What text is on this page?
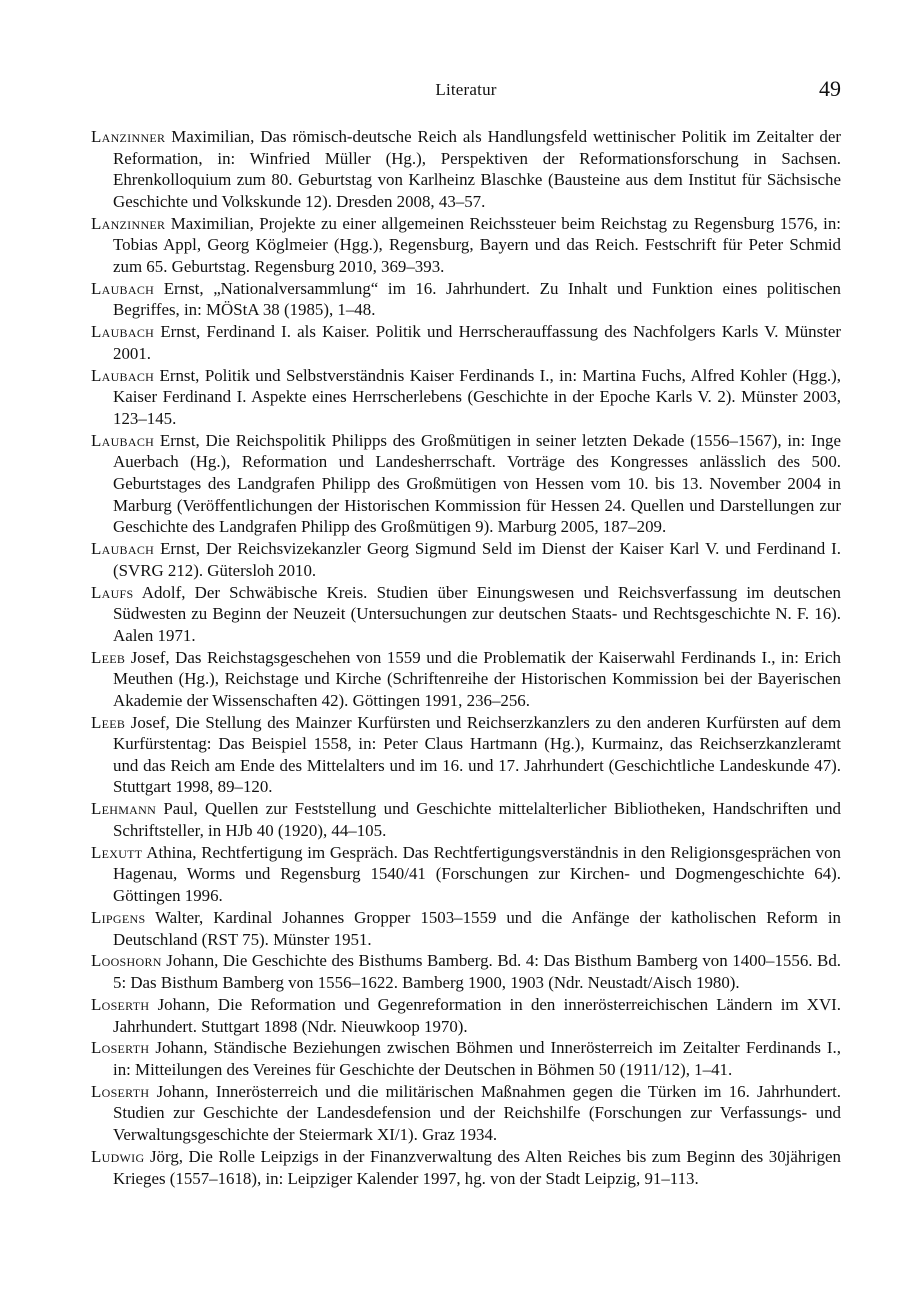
Literatur	49

Lanzinner Maximilian, Das römisch-deutsche Reich als Handlungsfeld wettinischer Politik im Zeitalter der Reformation, in: Winfried Müller (Hg.), Perspektiven der Reformationsforschung in Sachsen. Ehrenkolloquium zum 80. Geburtstag von Karlheinz Blaschke (Bausteine aus dem Institut für Sächsische Geschichte und Volkskunde 12). Dresden 2008, 43–57.

Lanzinner Maximilian, Projekte zu einer allgemeinen Reichssteuer beim Reichstag zu Regensburg 1576, in: Tobias Appl, Georg Köglmeier (Hgg.), Regensburg, Bayern und das Reich. Festschrift für Peter Schmid zum 65. Geburtstag. Regensburg 2010, 369–393.

Laubach Ernst, „Nationalversammlung“ im 16. Jahrhundert. Zu Inhalt und Funktion eines politischen Begriffes, in: MÖStA 38 (1985), 1–48.

Laubach Ernst, Ferdinand I. als Kaiser. Politik und Herrscherauffassung des Nachfolgers Karls V. Münster 2001.

Laubach Ernst, Politik und Selbstverständnis Kaiser Ferdinands I., in: Martina Fuchs, Alfred Kohler (Hgg.), Kaiser Ferdinand I. Aspekte eines Herrscherlebens (Geschichte in der Epoche Karls V. 2). Münster 2003, 123–145.

Laubach Ernst, Die Reichspolitik Philipps des Großmütigen in seiner letzten Dekade (1556–1567), in: Inge Auerbach (Hg.), Reformation und Landesherrschaft. Vorträge des Kongresses anlässlich des 500. Geburtstages des Landgrafen Philipp des Großmütigen von Hessen vom 10. bis 13. November 2004 in Marburg (Veröffentlichungen der Historischen Kommission für Hessen 24. Quellen und Darstellungen zur Geschichte des Landgrafen Philipp des Großmütigen 9). Marburg 2005, 187–209.

Laubach Ernst, Der Reichsvizekanzler Georg Sigmund Seld im Dienst der Kaiser Karl V. und Ferdinand I. (SVRG 212). Gütersloh 2010.

Laufs Adolf, Der Schwäbische Kreis. Studien über Einungswesen und Reichsverfassung im deutschen Südwesten zu Beginn der Neuzeit (Untersuchungen zur deutschen Staats- und Rechtsgeschichte N. F. 16). Aalen 1971.

Leeb Josef, Das Reichstagsgeschehen von 1559 und die Problematik der Kaiserwahl Ferdinands I., in: Erich Meuthen (Hg.), Reichstage und Kirche (Schriftenreihe der Historischen Kommission bei der Bayerischen Akademie der Wissenschaften 42). Göttingen 1991, 236–256.

Leeb Josef, Die Stellung des Mainzer Kurfürsten und Reichserzkanzlers zu den anderen Kurfürsten auf dem Kurfürstentag: Das Beispiel 1558, in: Peter Claus Hartmann (Hg.), Kurmainz, das Reichserzkanzleramt und das Reich am Ende des Mittelalters und im 16. und 17. Jahrhundert (Geschichtliche Landeskunde 47). Stuttgart 1998, 89–120.

Lehmann Paul, Quellen zur Feststellung und Geschichte mittelalterlicher Bibliotheken, Handschriften und Schriftsteller, in HJb 40 (1920), 44–105.

Lexutt Athina, Rechtfertigung im Gespräch. Das Rechtfertigungsverständnis in den Religionsgesprächen von Hagenau, Worms und Regensburg 1540/41 (Forschungen zur Kirchen- und Dogmengeschichte 64). Göttingen 1996.

Lipgens Walter, Kardinal Johannes Gropper 1503–1559 und die Anfänge der katholischen Reform in Deutschland (RST 75). Münster 1951.

Looshorn Johann, Die Geschichte des Bisthums Bamberg. Bd. 4: Das Bisthum Bamberg von 1400–1556. Bd. 5: Das Bisthum Bamberg von 1556–1622. Bamberg 1900, 1903 (Ndr. Neustadt/Aisch 1980).

Loserth Johann, Die Reformation und Gegenreformation in den innerösterreichischen Ländern im XVI. Jahrhundert. Stuttgart 1898 (Ndr. Nieuwkoop 1970).

Loserth Johann, Ständische Beziehungen zwischen Böhmen und Innerösterreich im Zeitalter Ferdinands I., in: Mitteilungen des Vereines für Geschichte der Deutschen in Böhmen 50 (1911/12), 1–41.

Loserth Johann, Innerösterreich und die militärischen Maßnahmen gegen die Türken im 16. Jahrhundert. Studien zur Geschichte der Landesdefension und der Reichshilfe (Forschungen zur Verfassungs- und Verwaltungsgeschichte der Steiermark XI/1). Graz 1934.

Ludwig Jörg, Die Rolle Leipzigs in der Finanzverwaltung des Alten Reiches bis zum Beginn des 30jährigen Krieges (1557–1618), in: Leipziger Kalender 1997, hg. von der Stadt Leipzig, 91–113.
